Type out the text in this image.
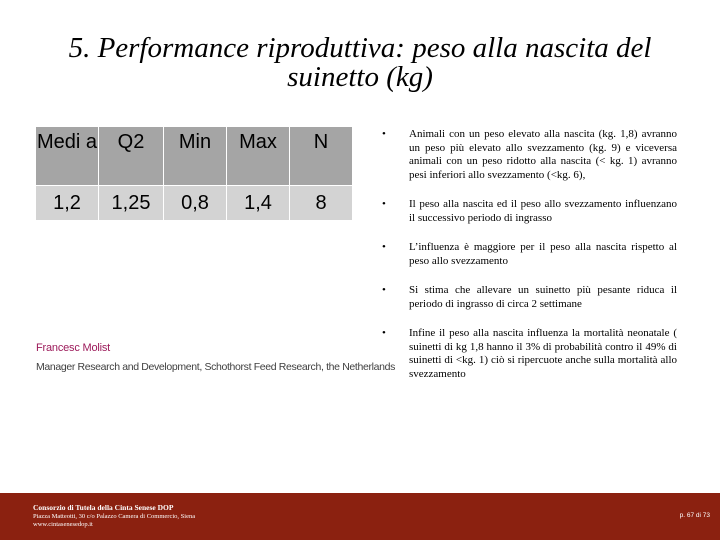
5. Performance riproduttiva: peso alla nascita del suinetto (kg)
Medi a	Q2	Min	Max	N
1,2	1,25	0,8	1,4	8
Francesc Molist
Manager Research and Development, Schothorst Feed Research, the Netherlands
• Animali con un peso elevato alla nascita (kg. 1,8) avranno un peso più elevato allo svezzamento (kg. 9) e viceversa animali con un peso ridotto alla nascita (< kg. 1) avranno pesi inferiori allo svezzamento (<kg. 6),
• Il peso alla nascita ed il peso allo svezzamento influenzano il successivo periodo di ingrasso
• L’influenza è maggiore per il peso alla nascita rispetto al peso allo svezzamento
• Si stima che allevare un suinetto più pesante riduca il periodo di ingrasso di circa 2 settimane
• Infine il peso alla nascita influenza la mortalità neonatale ( suinetti di kg 1,8 hanno il 3% di probabilità contro il 49% di suinetti di <kg. 1) ciò si ripercuote anche sulla mortalità allo svezzamento
Consorzio di Tutela della Cinta Senese DOP
Piazza Matteotti, 30 c/o Palazzo Camera di Commercio, Siena
www.cintasenesedop.it
p. 67 di 73
